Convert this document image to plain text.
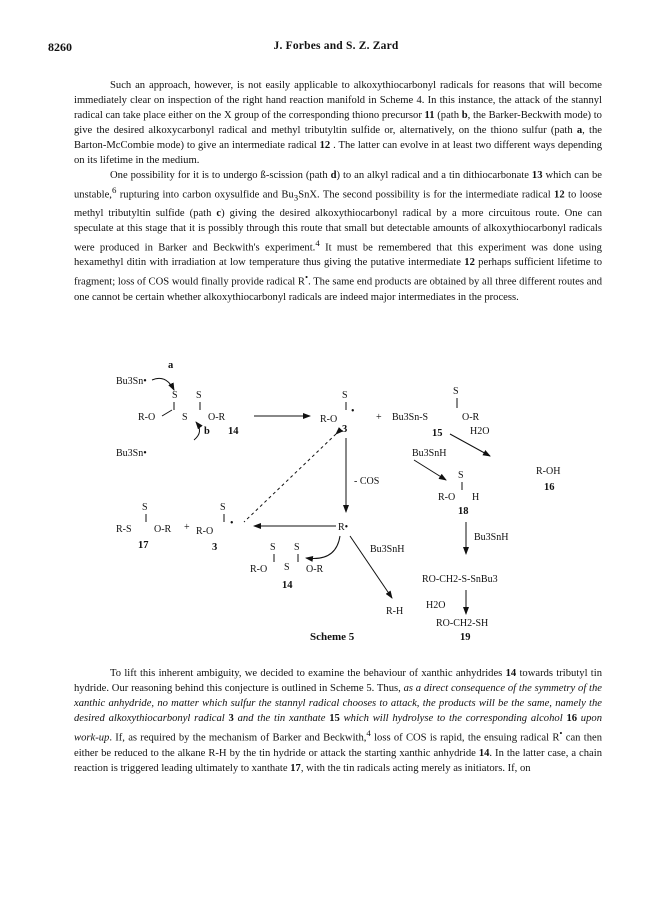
8260	J. Forbes and S. Z. Zard

Such an approach, however, is not easily applicable to alkoxythiocarbonyl radicals for reasons that will become immediately clear on inspection of the right hand reaction manifold in Scheme 4. In this instance, the attack of the stannyl radical can take place either on the X group of the corresponding thiono precursor 11 (path b, the Barker-Beckwith mode) to give the desired alkoxycarbonyl radical and methyl tributyltin sulfide or, alternatively, on the thiono sulfur (path a, the Barton-McCombie mode) to give an intermediate radical 12 . The latter can evolve in at least two different ways depending on its lifetime in the medium.

One possibility for it is to undergo ß-scission (path d) to an alkyl radical and a tin dithiocarbonate 13 which can be unstable,$^6$ rupturing into carbon oxysulfide and $Bu_3SnX$. The second possibility is for the intermediate radical 12 to loose methyl tributyltin sulfide (path c) giving the desired alkoxythiocarbonyl radical by a more circuitous route. One can speculate at this stage that it is possibly through this route that small but detectable amounts of alkoxythiocarbonyl radicals were produced in Barker and Beckwith's experiment.$^4$ It must be remembered that this experiment was done using hexamethyl ditin with irradiation at low temperature thus giving the putative intermediate 12 perhaps sufficient lifetime to fragment; loss of COS would finally provide radical R•. The same end products are obtained by all three different routes and one cannot be certain whether alkoxythiocarbonyl radicals are indeed major intermediates in the process.

a
Bu3Sn•
S S
R-O	S O-R
14
b
Bu3Sn•
S
R-O
•
3
+
S
Bu3Sn-S	O-R
15	H2O
R-OH
16
Bu3SnH
S
R-O H
18
Bu3SnH
RO-CH2-S-SnBu3
H2O
RO-CH2-SH
19
- COS
R•
Bu3SnH
R-H
S
R-S O-R
17
+
S
R-O
•
3	S S
R-O S O-R
14
Scheme 5

To lift this inherent ambiguity, we decided to examine the behaviour of xanthic anhydrides 14 towards tributyl tin hydride. Our reasoning behind this conjecture is outlined in Scheme 5. Thus, as a direct consequence of the symmetry of the xanthic anhydride, no matter which sulfur the stannyl radical chooses to attack, the products will be the same, namely the desired alkoxythiocarbonyl radical 3 and the tin xanthate 15 which will hydrolyse to the corresponding alcohol 16 upon work-up. If, as required by the mechanism of Barker and Beckwith,$^4$ loss of COS is rapid, the ensuing radical R• can then either be reduced to the alkane R-H by the tin hydride or attack the starting xanthic anhydride 14. In the latter case, a chain reaction is triggered leading ultimately to xanthate 17, with the tin radicals acting merely as initiators. If, on
